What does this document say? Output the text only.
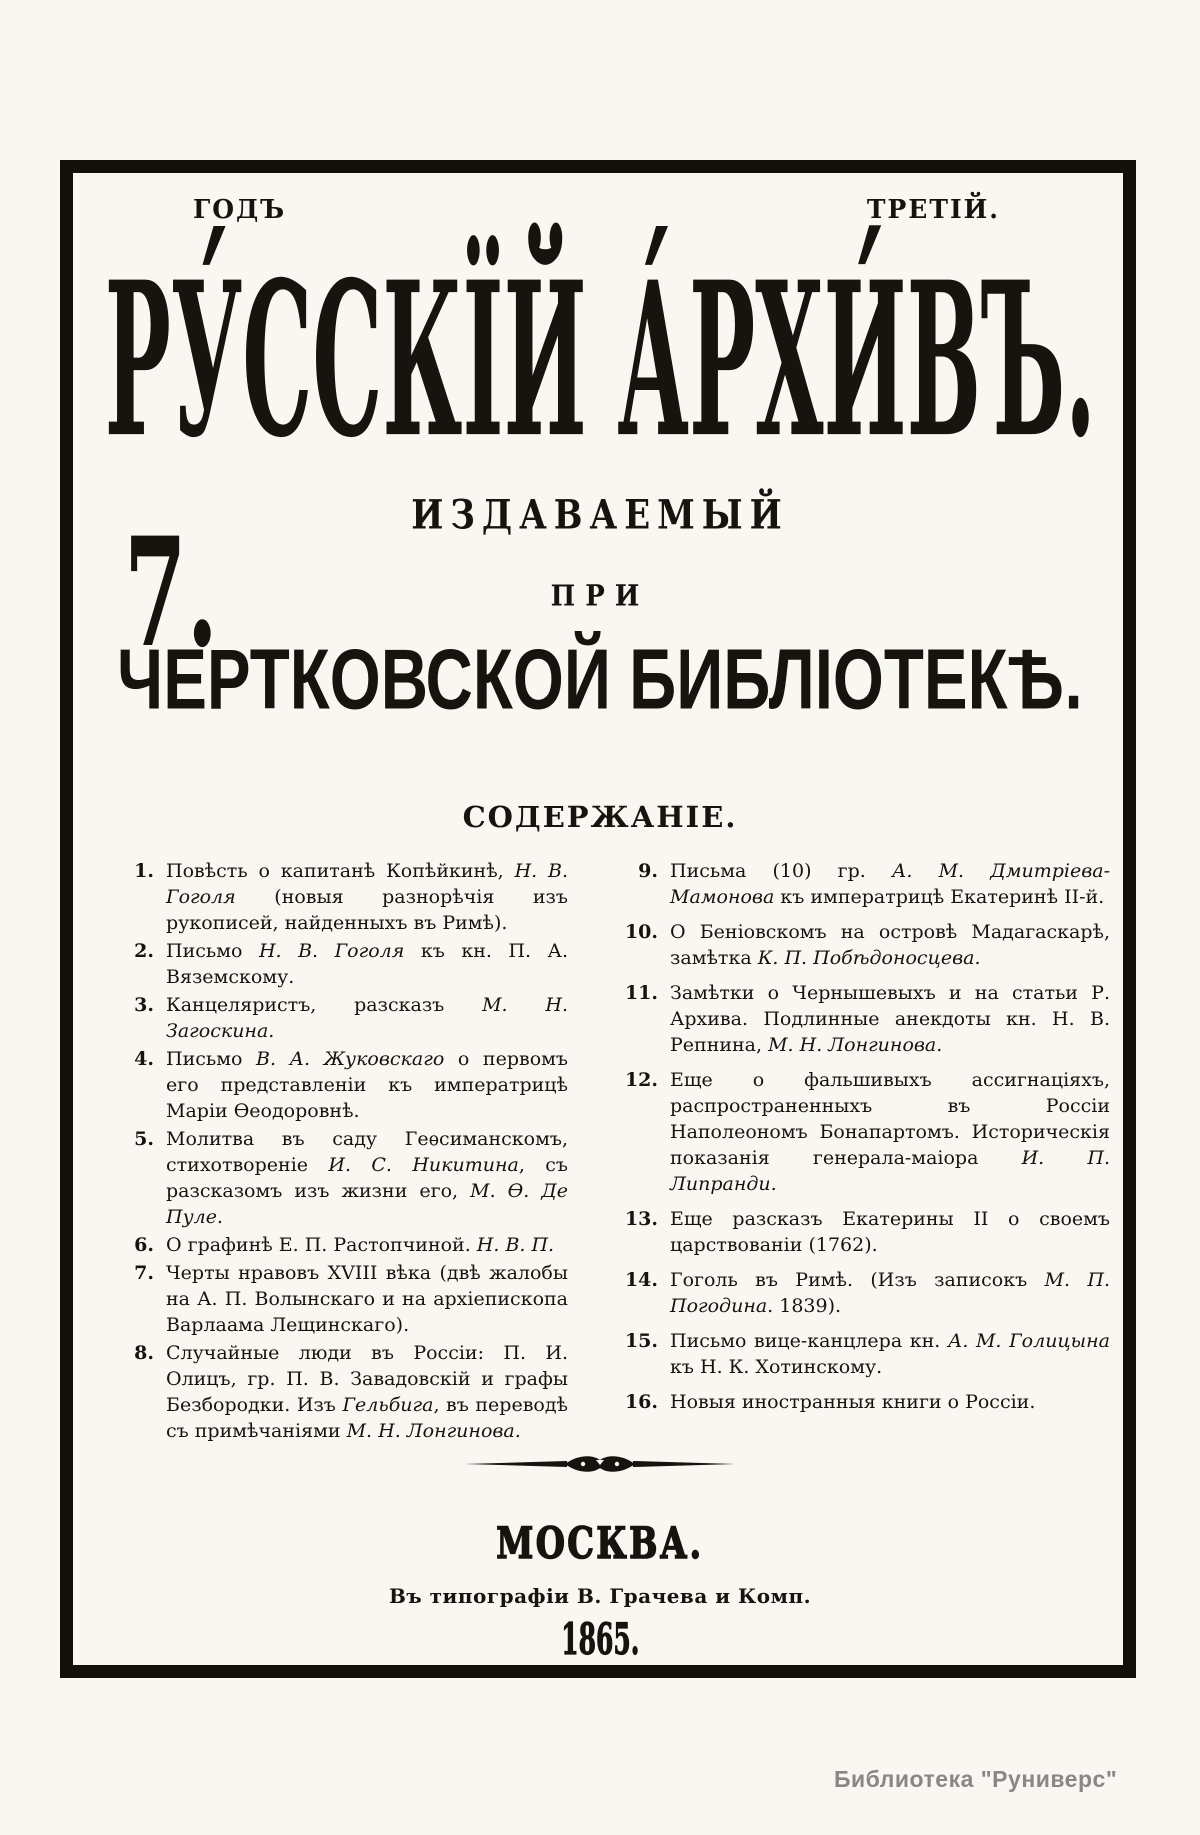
ГОДЪ	ТРЕТІЙ.
РУ́ССКЇЙ А́РХИ́ВЪ.
ИЗДАВАЕМЫЙ
7.	ПРИ
ЧЕРТКОВСКОЙ БИБЛІОТЕКѢ.
СОДЕРЖАНІЕ.
1. Повѣсть о капитанѣ Копѣйкинѣ, Н. В. Гоголя (новыя разнорѣчія изъ рукописей, найденныхъ въ Римѣ).
2. Письмо Н. В. Гоголя къ кн. П. А. Вяземскому.
3. Канцеляристъ, разсказъ М. Н. Загоскина.
4. Письмо В. А. Жуковскаго о первомъ его представленіи къ императрицѣ Маріи Ѳеодоровнѣ.
5. Молитва въ саду Геѳсиманскомъ, стихотвореніе И. С. Никитина, съ разсказомъ изъ жизни его, М. Ѳ. Де Пуле.
6. О графинѣ Е. П. Растопчиной. Н. В. П.
7. Черты нравовъ XVIII вѣка (двѣ жалобы на А. П. Волынскаго и на архіепископа Варлаама Лещинскаго).
8. Случайные люди въ Россіи: П. И. Олицъ, гр. П. В. Завадовскій и графы Безбородки. Изъ Гельбига, въ переводѣ съ примѣчаніями М. Н. Лонгинова.
9. Письма (10) гр. А. М. Дмитріева-Мамонова къ императрицѣ Екатеринѣ ІІ-й.
10. О Беніовскомъ на островѣ Мадагаскарѣ, замѣтка К. П. Побѣдоносцева.
11. Замѣтки о Чернышевыхъ и на статьи Р. Архива. Подлинные анекдоты кн. Н. В. Репнина, М. Н. Лонгинова.
12. Еще о фальшивыхъ ассигнаціяхъ, распространенныхъ въ Россіи Наполеономъ Бонапартомъ. Историческія показанія генерала-маіора И. П. Липранди.
13. Еще разсказъ Екатерины II о своемъ царствованіи (1762).
14. Гоголь въ Римѣ. (Изъ записокъ М. П. Погодина. 1839).
15. Письмо вице-канцлера кн. А. М. Голицына къ Н. К. Хотинскому.
16. Новыя иностранныя книги о Россіи.
МОСКВА.
Въ типографіи В. Грачева и Комп.
1865.
Библиотека "Руниверс"
